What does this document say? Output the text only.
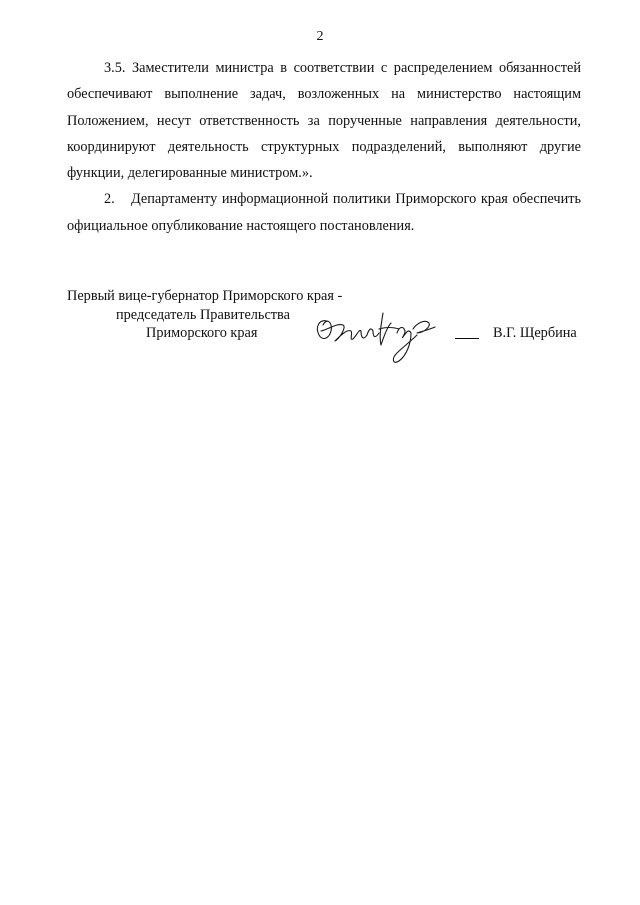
2

3.5. Заместители министра в соответствии с распределением обязанностей обеспечивают выполнение задач, возложенных на министерство настоящим Положением, несут ответственность за порученные направления деятельности, координируют деятельность структурных подразделений, выполняют другие функции, делегированные министром.».

2. Департаменту информационной политики Приморского края обеспечить официальное опубликование настоящего постановления.

Первый вице-губернатор Приморского края -
председатель Правительства
Приморского края	В.Г. Щербина
